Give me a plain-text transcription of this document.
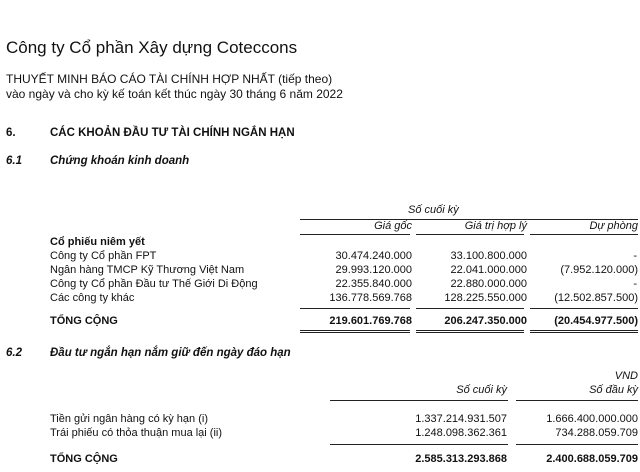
Công ty Cổ phần Xây dựng Coteccons
THUYẾT MINH BÁO CÁO TÀI CHÍNH HỢP NHẤT (tiếp theo)
vào ngày và cho kỳ kế toán kết thúc ngày 30 tháng 6 năm 2022
6.	CÁC KHOẢN ĐẦU TƯ TÀI CHÍNH NGẮN HẠN
6.1 Chứng khoán kinh doanh
Số cuối kỳ
Giá gốc	Giá trị hợp lý	Dự phòng
Cổ phiếu niêm yết
Công ty Cổ phần FPT	30.474.240.000	33.100.800.000	-
Ngân hàng TMCP Kỹ Thương Việt Nam	29.993.120.000	22.041.000.000	(7.952.120.000)
Công ty Cổ phần Đầu tư Thế Giới Di Động	22.355.840.000	22.880.000.000	-
Các công ty khác	136.778.569.768	128.225.550.000 (12.502.857.500)
TỔNG CỘNG	219.601.769.768	206.247.350.000 (20.454.977.500)
6.2 Đầu tư ngắn hạn nắm giữ đến ngày đáo hạn
VND
Số cuối kỳ	Số đầu kỳ
Tiền gửi ngân hàng có kỳ hạn (i)	1.337.214.931.507	1.666.400.000.000
Trái phiếu có thỏa thuận mua lại (ii)	1.248.098.362.361	734.288.059.709
TỔNG CỘNG	2.585.313.293.868	2.400.688.059.709
